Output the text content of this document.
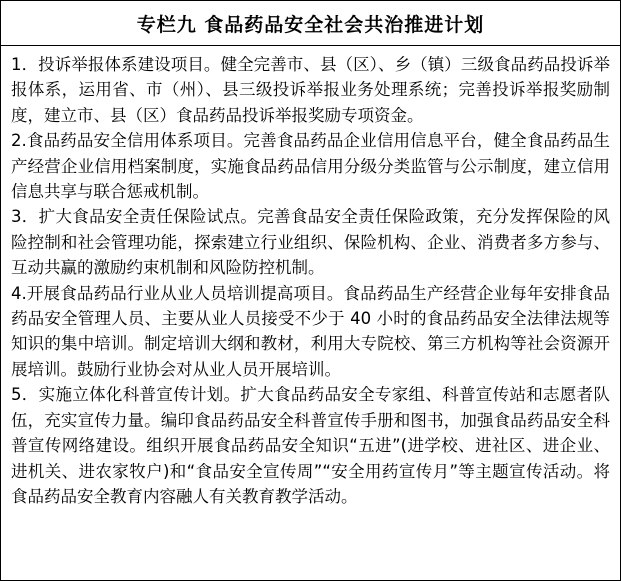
专栏九 食品药品安全社会共治推进计划

1．投诉举报体系建设项目。健全完善市、县（区）、乡（镇）三级食品药品投诉举报体系，运用省、市（州）、县三级投诉举报业务处理系统；完善投诉举报奖励制度，建立市、县（区）食品药品投诉举报奖励专项资金。

2.食品药品安全信用体系项目。完善食品药品企业信用信息平台，健全食品药品生产经营企业信用档案制度，实施食品药品信用分级分类监管与公示制度，建立信用信息共享与联合惩戒机制。

3．扩大食品安全责任保险试点。完善食品安全责任保险政策，充分发挥保险的风险控制和社会管理功能，探索建立行业组织、保险机构、企业、消费者多方参与、互动共赢的激励约束机制和风险防控机制。

4.开展食品药品行业从业人员培训提高项目。食品药品生产经营企业每年安排食品药品安全管理人员、主要从业人员接受不少于 40 小时的食品药品安全法律法规等知识的集中培训。制定培训大纲和教材，利用大专院校、第三方机构等社会资源开展培训。鼓励行业协会对从业人员开展培训。

5．实施立体化科普宣传计划。扩大食品药品安全专家组、科普宣传站和志愿者队伍，充实宣传力量。编印食品药品安全科普宣传手册和图书，加强食品药品安全科普宣传网络建设。组织开展食品药品安全知识“五进”(进学校、进社区、进企业、进机关、进农家牧户)和“食品安全宣传周”“安全用药宣传月”等主题宣传活动。将食品药品安全教育内容融人有关教育教学活动。
